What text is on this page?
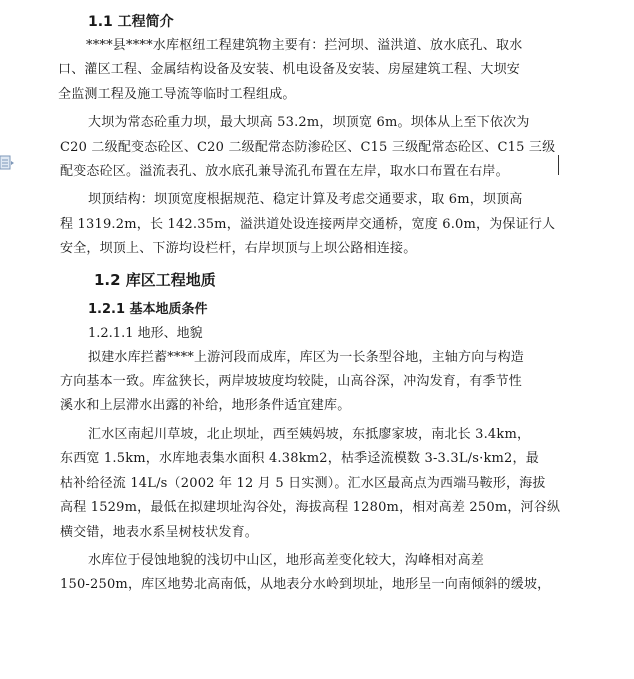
1.1 工程简介

****县****水库枢纽工程建筑物主要有：拦河坝、溢洪道、放水底孔、取水
口、灌区工程、金属结构设备及安装、机电设备及安装、房屋建筑工程、大坝安
全监测工程及施工导流等临时工程组成。
大坝为常态砼重力坝，最大坝高 53.2m，坝顶宽 6m。坝体从上至下依次为
C20 二级配变态砼区、C20 二级配常态防渗砼区、C15 三级配常态砼区、C15 三级
配变态砼区。溢流表孔、放水底孔兼导流孔布置在左岸，取水口布置在右岸。
坝顶结构：坝顶宽度根据规范、稳定计算及考虑交通要求，取 6m，坝顶高
程 1319.2m，长 142.35m，溢洪道处设连接两岸交通桥，宽度 6.0m，为保证行人
安全，坝顶上、下游均设栏杆，右岸坝顶与上坝公路相连接。

1.2 库区工程地质

1.2.1 基本地质条件

1.2.1.1 地形、地貌

拟建水库拦蓄****上游河段而成库，库区为一长条型谷地，主轴方向与构造
方向基本一致。库盆狭长，两岸坡坡度均较陡，山高谷深，冲沟发育，有季节性
溪水和上层滞水出露的补给，地形条件适宜建库。
汇水区南起川草坡，北止坝址，西至姨妈坡，东抵廖家坡，南北长 3.4km，
东西宽 1.5km，水库地表集水面积 4.38km2，枯季迳流模数 3-3.3L/s·km2，最
枯补给径流 14L/s（2002 年 12 月 5 日实测）。汇水区最高点为西端马鞍形，海拔
高程 1529m，最低在拟建坝址沟谷处，海拔高程 1280m，相对高差 250m，河谷纵
横交错，地表水系呈树枝状发育。
水库位于侵蚀地貌的浅切中山区，地形高差变化较大，沟峰相对高差
150-250m，库区地势北高南低，从地表分水岭到坝址，地形呈一向南倾斜的缓坡，
